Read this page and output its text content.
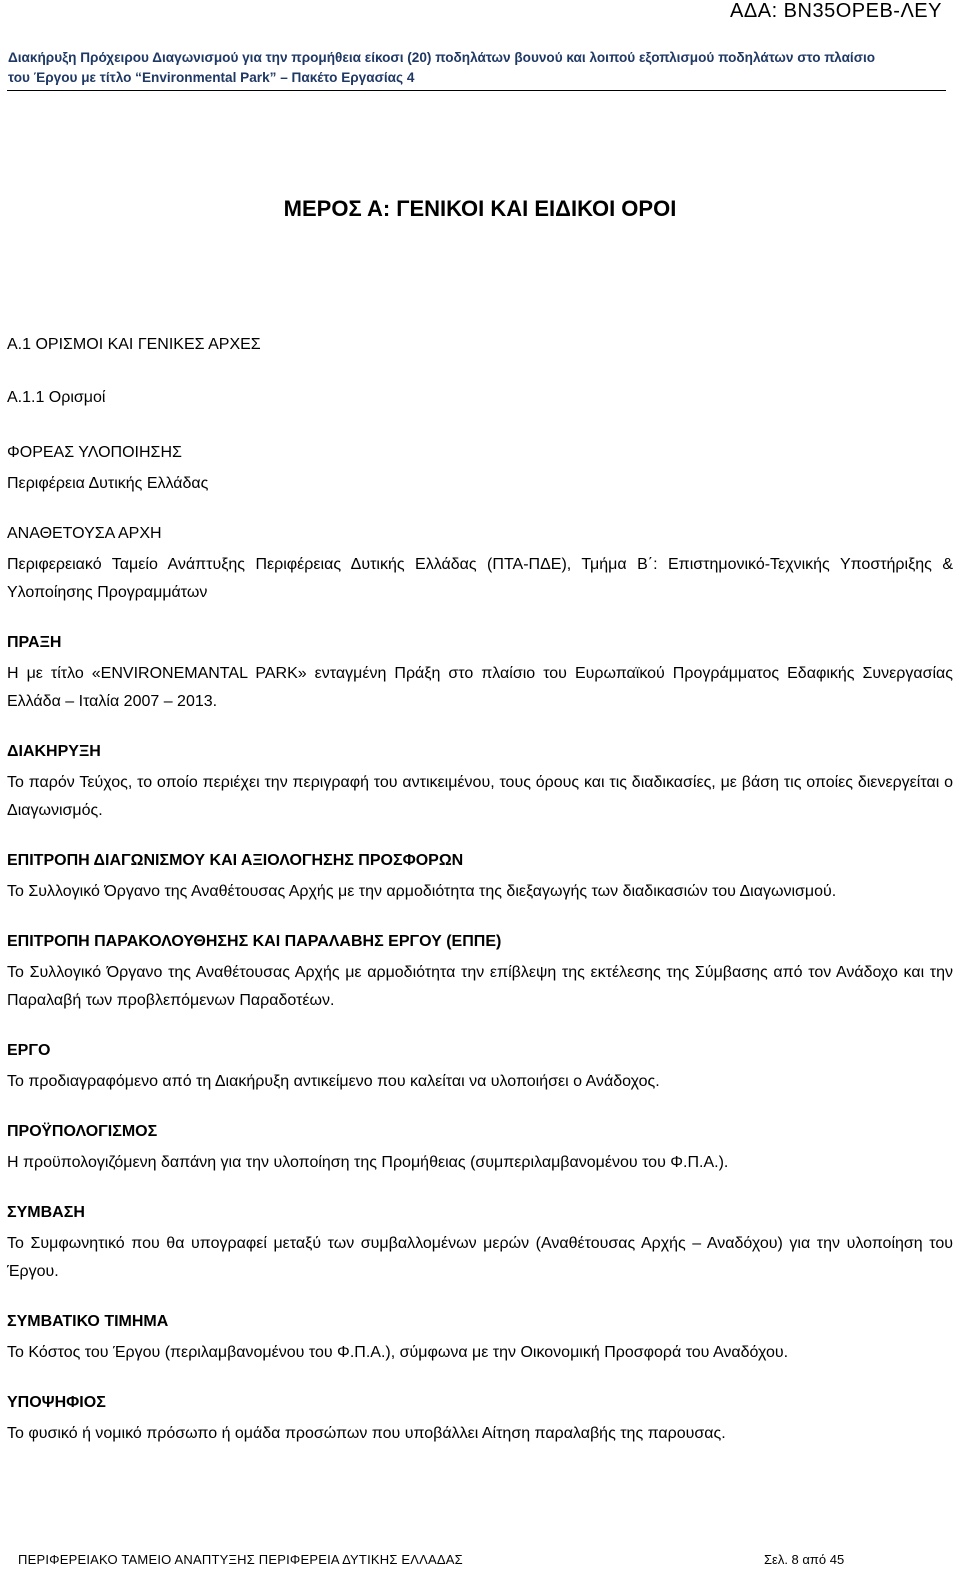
ΑΔΑ: ΒΝ35ΟΡΕΒ-ΛΕΥ
Διακήρυξη Πρόχειρου Διαγωνισμού για την προμήθεια είκοσι (20) ποδηλάτων βουνού και λοιπού εξοπλισμού ποδηλάτων στο πλαίσιο
του Έργου με τίτλο “Environmental Park” – Πακέτο Εργασίας 4
ΜΕΡΟΣ Α: ΓΕΝΙΚΟΙ ΚΑΙ ΕΙΔΙΚΟΙ ΟΡΟΙ
Α.1 ΟΡΙΣΜΟΙ ΚΑΙ ΓΕΝΙΚΕΣ ΑΡΧΕΣ
Α.1.1 Ορισμοί
ΦΟΡΕΑΣ ΥΛΟΠΟΙΗΣΗΣ
Περιφέρεια Δυτικής Ελλάδας
ΑΝΑΘΕΤΟΥΣΑ ΑΡΧΗ
Περιφερειακό Ταμείο Ανάπτυξης Περιφέρειας Δυτικής Ελλάδας (ΠΤΑ-ΠΔΕ), Τμήμα Β΄: Επιστημονικό-Τεχνικής Υποστήριξης & Υλοποίησης Προγραμμάτων
ΠΡΑΞΗ
Η με τίτλο «ENVIRONEMANTAL PARK» ενταγμένη Πράξη στο πλαίσιο του Ευρωπαϊκού Προγράμματος Εδαφικής Συνεργασίας Ελλάδα – Ιταλία 2007 – 2013.
ΔΙΑΚΗΡΥΞΗ
Το παρόν Τεύχος, το οποίο περιέχει την περιγραφή του αντικειμένου, τους όρους και τις διαδικασίες, με βάση τις οποίες διενεργείται ο Διαγωνισμός.
ΕΠΙΤΡΟΠΗ ΔΙΑΓΩΝΙΣΜΟΥ ΚΑΙ ΑΞΙΟΛΟΓΗΣΗΣ ΠΡΟΣΦΟΡΩΝ
Το Συλλογικό Όργανο της Αναθέτουσας Αρχής με την αρμοδιότητα της διεξαγωγής των διαδικασιών του Διαγωνισμού.
ΕΠΙΤΡΟΠΗ ΠΑΡΑΚΟΛΟΥΘΗΣΗΣ ΚΑΙ ΠΑΡΑΛΑΒΗΣ ΕΡΓΟΥ (ΕΠΠΕ)
Το Συλλογικό Όργανο της Αναθέτουσας Αρχής με αρμοδιότητα την επίβλεψη της εκτέλεσης της Σύμβασης από τον Ανάδοχο και την Παραλαβή των προβλεπόμενων Παραδοτέων.
ΕΡΓΟ
Το προδιαγραφόμενο από τη Διακήρυξη αντικείμενο που καλείται να υλοποιήσει ο Ανάδοχος.
ΠΡΟΫΠΟΛΟΓΙΣΜΟΣ
Η προϋπολογιζόμενη δαπάνη για την υλοποίηση της Προμήθειας (συμπεριλαμβανομένου του Φ.Π.Α.).
ΣΥΜΒΑΣΗ
Το Συμφωνητικό που θα υπογραφεί μεταξύ των συμβαλλομένων μερών (Αναθέτουσας Αρχής – Αναδόχου) για την υλοποίηση του Έργου.
ΣΥΜΒΑΤΙΚΟ ΤΙΜΗΜΑ
Το Κόστος του Έργου (περιλαμβανομένου του Φ.Π.Α.), σύμφωνα με την Οικονομική Προσφορά του Αναδόχου.
ΥΠΟΨΗΦΙΟΣ
Το φυσικό ή νομικό πρόσωπο ή ομάδα προσώπων που υποβάλλει Αίτηση παραλαβής της παρουσας.
ΠΕΡΙΦΕΡΕΙΑΚΟ ΤΑΜΕΙΟ ΑΝΑΠΤΥΞΗΣ ΠΕΡΙΦΕΡΕΙΑ ΔΥΤΙΚΗΣ ΕΛΛΑΔΑΣ	Σελ. 8 από 45
